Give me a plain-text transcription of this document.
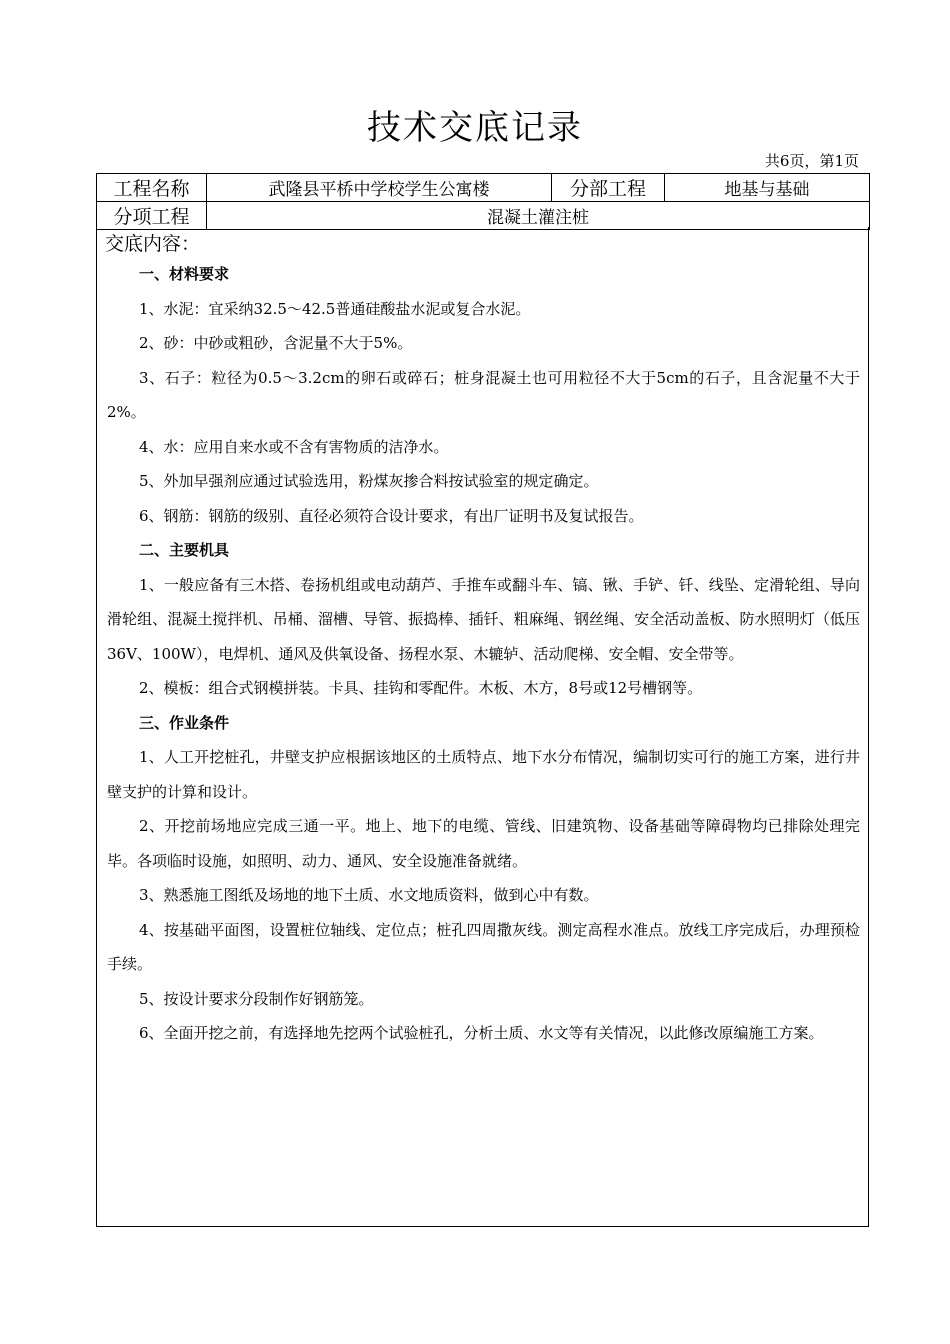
技术交底记录
共6页，第1页
工程名称	武隆县平桥中学校学生公寓楼	分部工程	地基与基础
分项工程	混凝土灌注桩		
交底内容：
一、材料要求

1、水泥：宜采纳32.5～42.5普通硅酸盐水泥或复合水泥。

2、砂：中砂或粗砂，含泥量不大于5%。

3、石子：粒径为0.5～3.2cm的卵石或碎石；桩身混凝土也可用粒径不大于5cm的石子，且含泥量不大于2%。

4、水：应用自来水或不含有害物质的洁净水。

5、外加早强剂应通过试验选用，粉煤灰掺合料按试验室的规定确定。

6、钢筋：钢筋的级别、直径必须符合设计要求，有出厂证明书及复试报告。

二、主要机具

1、一般应备有三木搭、卷扬机组或电动葫芦、手推车或翻斗车、镐、锹、手铲、钎、线坠、定滑轮组、导向滑轮组、混凝土搅拌机、吊桶、溜槽、导管、振捣棒、插钎、粗麻绳、钢丝绳、安全活动盖板、防水照明灯（低压36V、100W），电焊机、通风及供氧设备、扬程水泵、木辘轳、活动爬梯、安全帽、安全带等。

2、模板：组合式钢模拼装。卡具、挂钩和零配件。木板、木方，8号或12号槽钢等。

三、作业条件

1、人工开挖桩孔，井壁支护应根据该地区的土质特点、地下水分布情况，编制切实可行的施工方案，进行井壁支护的计算和设计。

2、开挖前场地应完成三通一平。地上、地下的电缆、管线、旧建筑物、设备基础等障碍物均已排除处理完毕。各项临时设施，如照明、动力、通风、安全设施准备就绪。

3、熟悉施工图纸及场地的地下土质、水文地质资料，做到心中有数。

4、按基础平面图，设置桩位轴线、定位点；桩孔四周撒灰线。测定高程水准点。放线工序完成后，办理预检手续。

5、按设计要求分段制作好钢筋笼。

6、全面开挖之前，有选择地先挖两个试验桩孔，分析土质、水文等有关情况，以此修改原编施工方案。
